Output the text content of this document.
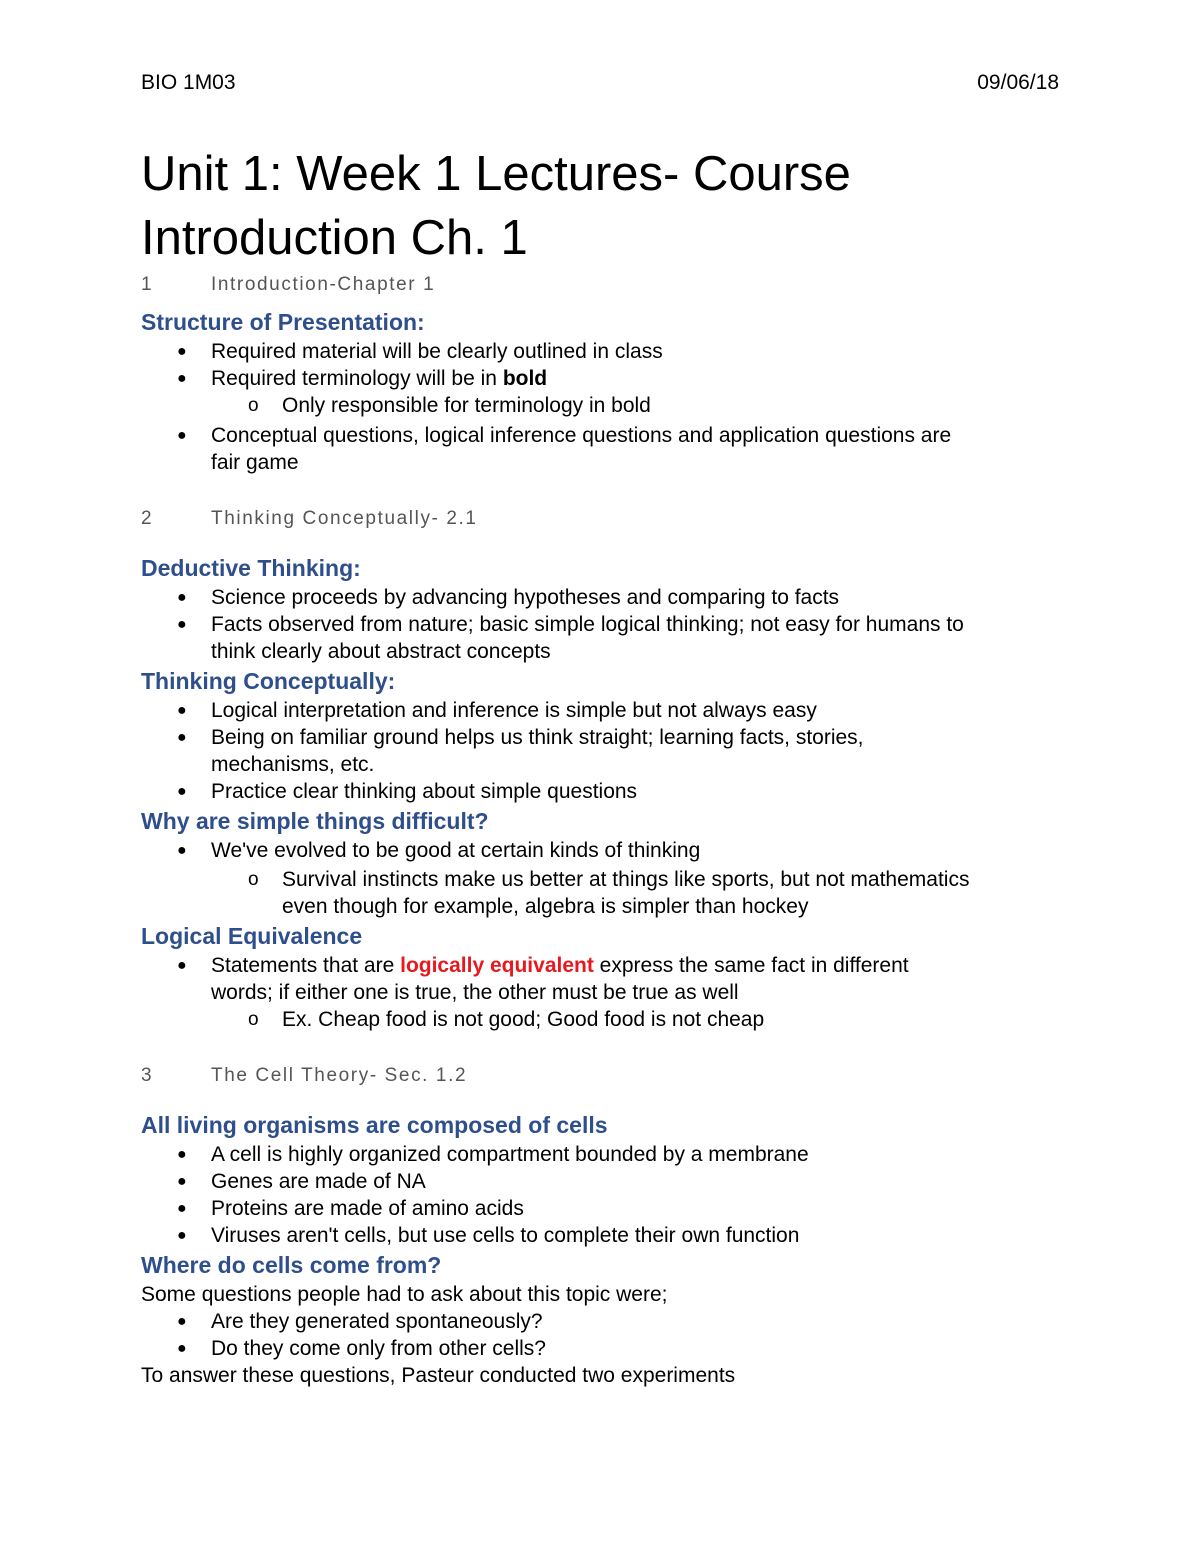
BIO 1M03	09/06/18
Unit 1: Week 1 Lectures- Course
Introduction Ch. 1
1	Introduction-Chapter 1
Structure of Presentation:
● Required material will be clearly outlined in class
● Required terminology will be in bold
o Only responsible for terminology in bold
● Conceptual questions, logical inference questions and application questions are
fair game
2	Thinking Conceptually- 2.1
Deductive Thinking:
● Science proceeds by advancing hypotheses and comparing to facts
● Facts observed from nature; basic simple logical thinking; not easy for humans to
think clearly about abstract concepts
Thinking Conceptually:
● Logical interpretation and inference is simple but not always easy
● Being on familiar ground helps us think straight; learning facts, stories,
mechanisms, etc.
● Practice clear thinking about simple questions
Why are simple things difficult?
● We've evolved to be good at certain kinds of thinking
o Survival instincts make us better at things like sports, but not mathematics
even though for example, algebra is simpler than hockey
Logical Equivalence
● Statements that are logically equivalent express the same fact in different
words; if either one is true, the other must be true as well
o Ex. Cheap food is not good; Good food is not cheap
3	The Cell Theory- Sec. 1.2
All living organisms are composed of cells
● A cell is highly organized compartment bounded by a membrane
● Genes are made of NA
● Proteins are made of amino acids
● Viruses aren't cells, but use cells to complete their own function
Where do cells come from?
Some questions people had to ask about this topic were;
● Are they generated spontaneously?
● Do they come only from other cells?
To answer these questions, Pasteur conducted two experiments
